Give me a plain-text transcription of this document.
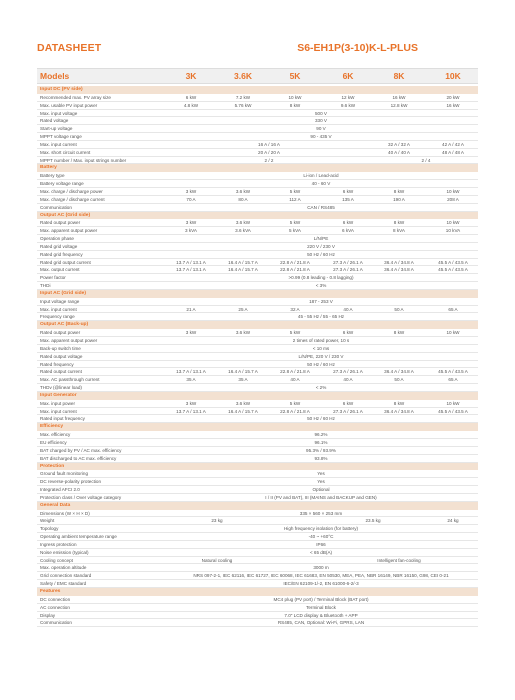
DATASHEET	S6-EH1P(3-10)K-L-PLUS
Models	3K	3.6K	5K	6K	8K	10K
Input DC (PV side)
Recommended max. PV array size	6 kW	7.2 kW	10 kW	12 kW	16 kW	20 kW
Max. usable PV input power	4.8 kW	5.76 kW	8 kW	9.6 kW	12.8 kW	16 kW
Max. input voltage	500 V
Rated voltage	330 V
Start-up voltage	90 V
MPPT voltage range	90 - 435 V
Max. input current	16 A / 16 A	32 A / 32 A	42 A / 42 A
Max. short circuit current	20 A / 20 A	40 A / 40 A	48 A / 48 A
MPPT number / Max. input strings number	2 / 2	2 / 4
Battery
Battery type	Li-ion / Lead-acid
Battery voltage range	40 - 60 V
Max. charge / discharge power	3 kW	3.6 kW	5 kW	6 kW	8 kW	10 kW
Max. charge / discharge current	70 A	80 A	112 A	135 A	190 A	208 A
Communication	CAN / RS485
Output AC (Grid side)
Rated output power	3 kW	3.6 kW	5 kW	6 kW	8 kW	10 kW
Max. apparent output power	3 kVA	3.6 kVA	5 kVA	6 kVA	8 kVA	10 kVA
Operation phase	L/N/PE
Rated grid voltage	220 V / 230 V
Rated grid frequency	50 Hz / 60 Hz
Rated grid output current	13.7 A / 13.1 A	16.4 A / 15.7 A	22.8 A / 21.8 A	27.3 A / 26.1 A	36.4 A / 34.8 A	45.5 A / 43.5 A
Max. output current	13.7 A / 13.1 A	16.4 A / 15.7 A	22.8 A / 21.8 A	27.3 A / 26.1 A	36.4 A / 34.8 A	45.5 A / 43.5 A
Power factor	>0.99 (0.8 leading - 0.8 lagging)
THDi	< 3%
Input AC (Grid side)
Input voltage range	187 - 253 V
Max. input current	21 A	25 A	32 A	40 A	50 A	65 A
Frequency range	45 - 55 Hz / 55 - 65 Hz
Output AC (Back-up)
Rated output power	3 kW	3.6 kW	5 kW	6 kW	8 kW	10 kW
Max. apparent output power	2 times of rated power, 10 s
Back-up switch time	< 10 ms
Rated output voltage	L/N/PE, 220 V / 230 V
Rated frequency	50 Hz / 60 Hz
Rated output current	13.7 A / 13.1 A	16.4 A / 15.7 A	22.8 A / 21.8 A	27.3 A / 26.1 A	36.4 A / 34.8 A	45.5 A / 43.5 A
Max. AC passthrough current	35 A	35 A	40 A	40 A	50 A	65 A
THDv (@linear load)	< 2%
Input Generator
Max. input power	3 kW	3.6 kW	5 kW	6 kW	8 kW	10 kW
Max. input current	13.7 A / 13.1 A	16.4 A / 15.7 A	22.8 A / 21.8 A	27.3 A / 26.1 A	36.4 A / 34.8 A	45.5 A / 43.5 A
Rated input frequency	50 Hz / 60 Hz
Efficiency
Max. efficiency	96.2%
EU efficiency	96.1%
BAT charged by PV / AC max. efficiency	95.3% / 93.9%
BAT discharged to AC max. efficiency	93.8%
Protection
Ground fault monitoring	Yes
DC reverse-polarity protection	Yes
Integrated AFCI 2.0	Optional
Protection class / Over voltage category	I / II (PV and BAT), III (MAINS and BACKUP and GEN)
General Data
Dimensions (W × H × D)	335 × 560 × 253 mm
Weight	23 kg	23.5 kg	24 kg
Topology	High frequency isolation (for battery)
Operating ambient temperature range	-40 ~ +60°C
Ingress protection	IP66
Noise emission (typical)	< 65 dB(A)
Cooling concept	Natural cooling	Intelligent fan-cooling
Max. operation altitude	3000 m
Grid connection standard	NRS 097-2-1, IEC 62116, IEC 61727, IEC 60068, IEC 61683, EN 50530, MEA, PEA, NBR 16149, NBR 16150, G98, CEI 0-21
Safety / EMC standard	IEC/EN 62109-1/-2, EN 61000-6-2/-3
Features
DC connection	MC4 plug (PV port) / Terminal Block (BAT port)
AC connection	Terminal Block
Display	7.0" LCD display & Bluetooth + APP
Communication	RS485, CAN, Optional: Wi-Fi, GPRS, LAN
